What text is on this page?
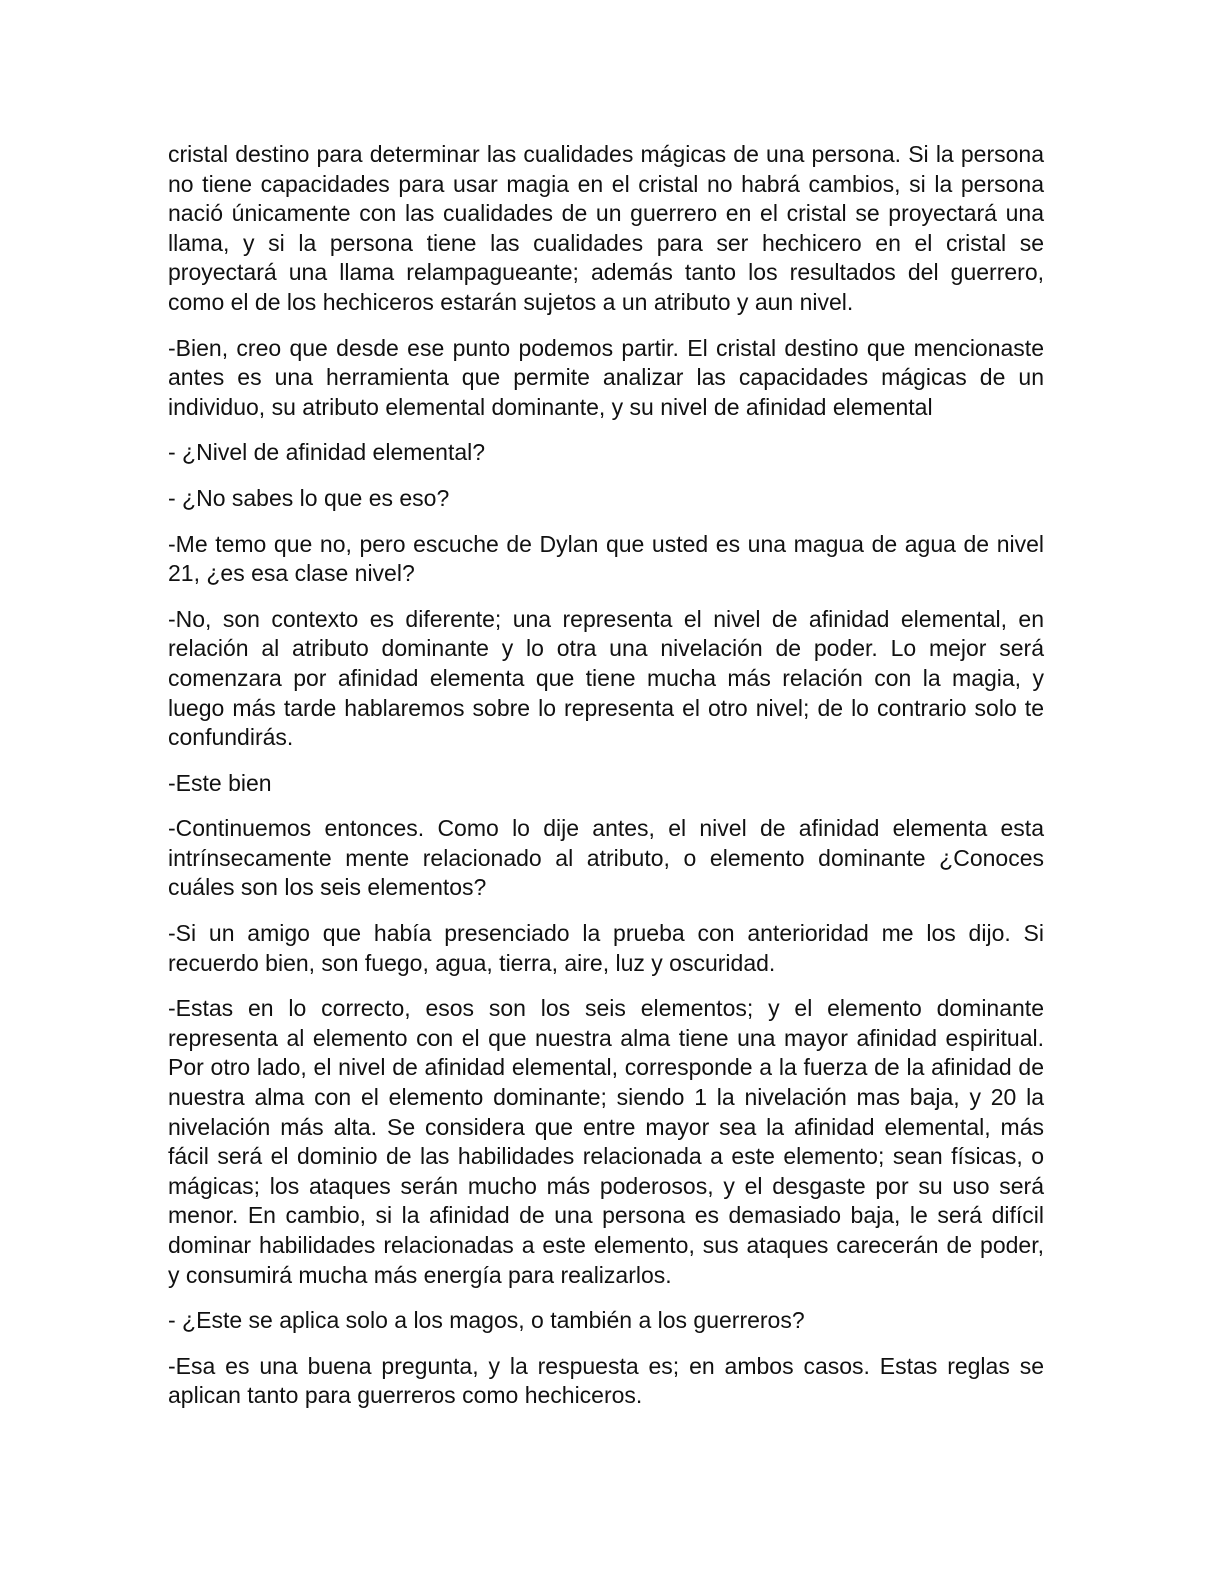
cristal destino para determinar las cualidades mágicas de una persona. Si la persona no tiene capacidades para usar magia en el cristal no habrá cambios, si la persona nació únicamente con las cualidades de un guerrero en el cristal se proyectará una llama, y si la persona tiene las cualidades para ser hechicero en el cristal se proyectará una llama relampagueante; además tanto los resultados del guerrero, como el de los hechiceros estarán sujetos a un atributo y aun nivel.

-Bien, creo que desde ese punto podemos partir. El cristal destino que mencionaste antes es una herramienta que permite analizar las capacidades mágicas de un individuo, su atributo elemental dominante, y su nivel de afinidad elemental

- ¿Nivel de afinidad elemental?

- ¿No sabes lo que es eso?

-Me temo que no, pero escuche de Dylan que usted es una magua de agua de nivel 21, ¿es esa clase nivel?

-No, son contexto es diferente; una representa el nivel de afinidad elemental, en relación al atributo dominante y lo otra una nivelación de poder. Lo mejor será comenzara por afinidad elementa que tiene mucha más relación con la magia, y luego más tarde hablaremos sobre lo representa el otro nivel; de lo contrario solo te confundirás.

-Este bien

-Continuemos entonces. Como lo dije antes, el nivel de afinidad elementa esta intrínsecamente mente relacionado al atributo, o elemento dominante ¿Conoces cuáles son los seis elementos?

-Si un amigo que había presenciado la prueba con anterioridad me los dijo. Si recuerdo bien, son fuego, agua, tierra, aire, luz y oscuridad.

-Estas en lo correcto, esos son los seis elementos; y el elemento dominante representa al elemento con el que nuestra alma tiene una mayor afinidad espiritual. Por otro lado, el nivel de afinidad elemental, corresponde a la fuerza de la afinidad de nuestra alma con el elemento dominante; siendo 1 la nivelación mas baja, y 20 la nivelación más alta. Se considera que entre mayor sea la afinidad elemental, más fácil será el dominio de las habilidades relacionada a este elemento; sean físicas, o mágicas; los ataques serán mucho más poderosos, y el desgaste por su uso será menor. En cambio, si la afinidad de una persona es demasiado baja, le será difícil dominar habilidades relacionadas a este elemento, sus ataques carecerán de poder, y consumirá mucha más energía para realizarlos.

- ¿Este se aplica solo a los magos, o también a los guerreros?

-Esa es una buena pregunta, y la respuesta es; en ambos casos. Estas reglas se aplican tanto para guerreros como hechiceros.
